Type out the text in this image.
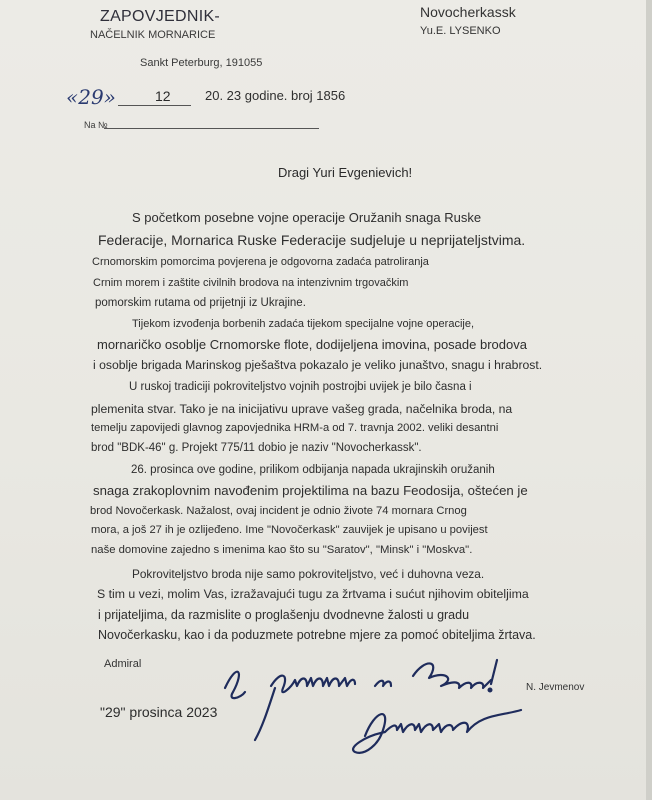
ZAPOVJEDNIK-
NAČELNIK MORNARICE
Novocherkassk
Yu.E. LYSENKO
Sankt Peterburg, 191055
«29»	12	20. 23 godine. broj 1856
Na №
Dragi Yuri Evgenievich!
S početkom posebne vojne operacije Oružanih snaga Ruske
Federacije, Mornarica Ruske Federacije sudjeluje u neprijateljstvima.
Crnomorskim pomorcima povjerena je odgovorna zadaća patroliranja
Crnim morem i zaštite civilnih brodova na intenzivnim trgovačkim
pomorskim rutama od prijetnji iz Ukrajine.
Tijekom izvođenja borbenih zadaća tijekom specijalne vojne operacije,
mornaričko osoblje Crnomorske flote, dodijeljena imovina, posade brodova
i osoblje brigada Marinskog pješaštva pokazalo je veliko junaštvo, snagu i hrabrost.
U ruskoj tradiciji pokroviteljstvo vojnih postrojbi uvijek je bilo časna i
plemenita stvar. Tako je na inicijativu uprave vašeg grada, načelnika broda, na
temelju zapovijedi glavnog zapovjednika HRM-a od 7. travnja 2002. veliki desantni
brod "BDK-46" g. Projekt 775/11 dobio je naziv "Novocherkassk".
26. prosinca ove godine, prilikom odbijanja napada ukrajinskih oružanih
snaga zrakoplovnim navođenim projektilima na bazu Feodosija, oštećen je
brod Novočerkask. Nažalost, ovaj incident je odnio živote 74 mornara Crnog
mora, a još 27 ih je ozlijeđeno. Ime "Novočerkask" zauvijek je upisano u povijest
naše domovine zajedno s imenima kao što su "Saratov", "Minsk" i "Moskva".
Pokroviteljstvo broda nije samo pokroviteljstvo, već i duhovna veza.
S tim u vezi, molim Vas, izražavajući tugu za žrtvama i sućut njihovim obiteljima
i prijateljima, da razmislite o proglašenju dvodnevne žalosti u gradu
Novočerkasku, kao i da poduzmete potrebne mjere za pomoć obiteljima žrtava.
Admiral
"29" prosinca 2023
N. Jevmenov
